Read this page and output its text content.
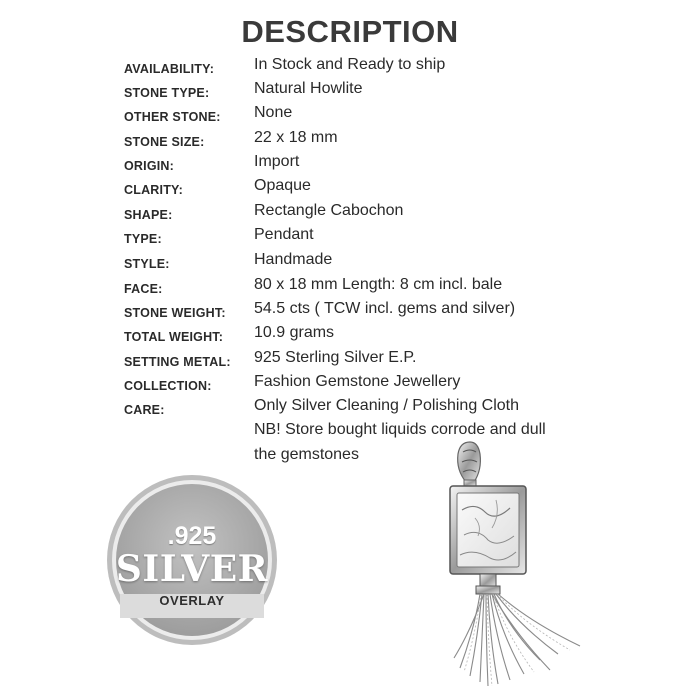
DESCRIPTION
AVAILABILITY: In Stock and Ready to ship
STONE TYPE:	Natural Howlite
OTHER STONE: None
STONE SIZE:	22 x 18 mm
ORIGIN:	Import
CLARITY:	Opaque
SHAPE:	Rectangle Cabochon
TYPE:	Pendant
STYLE:	Handmade
FACE:	80 x 18 mm Length: 8 cm incl. bale
STONE WEIGHT: 54.5 cts ( TCW incl. gems and silver)
TOTAL WEIGHT: 10.9 grams
SETTING METAL: 925 Sterling Silver E.P.
COLLECTION:	Fashion Gemstone Jewellery
CARE:	Only Silver Cleaning / Polishing Cloth
NB! Store bought liquids corrode and dull
the gemstones
.925
SILVER
OVERLAY
